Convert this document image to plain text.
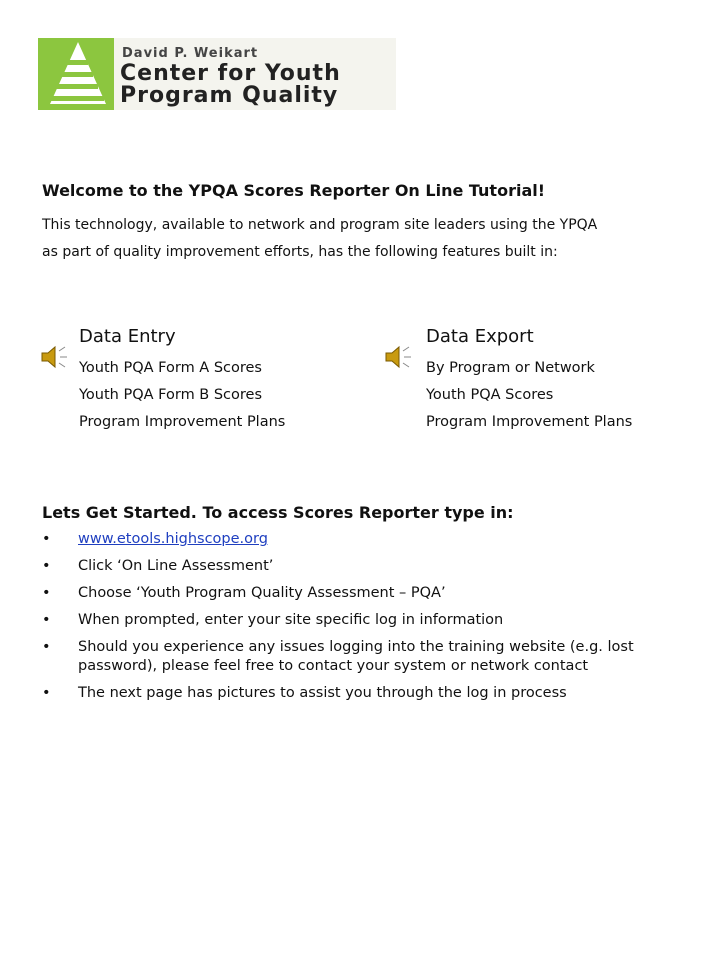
David P. Weikart
Center for Youth
Program Quality
Welcome to the YPQA Scores Reporter On Line Tutorial!
This technology, available to network and program site leaders using the YPQA as part of quality improvement efforts, has the following features built in:
Data Entry
Youth PQA Form A Scores
Youth PQA Form B Scores
Program Improvement Plans
Data Export
By Program or Network
Youth PQA Scores
Program Improvement Plans
Lets Get Started. To access Scores Reporter type in:
• www.etools.highscope.org
• Click ‘On Line Assessment’
• Choose ‘Youth Program Quality Assessment – PQA’
• When prompted, enter your site specific log in information
• Should you experience any issues logging into the training website (e.g. lost password), please feel free to contact your system or network contact
• The next page has pictures to assist you through the log in process
